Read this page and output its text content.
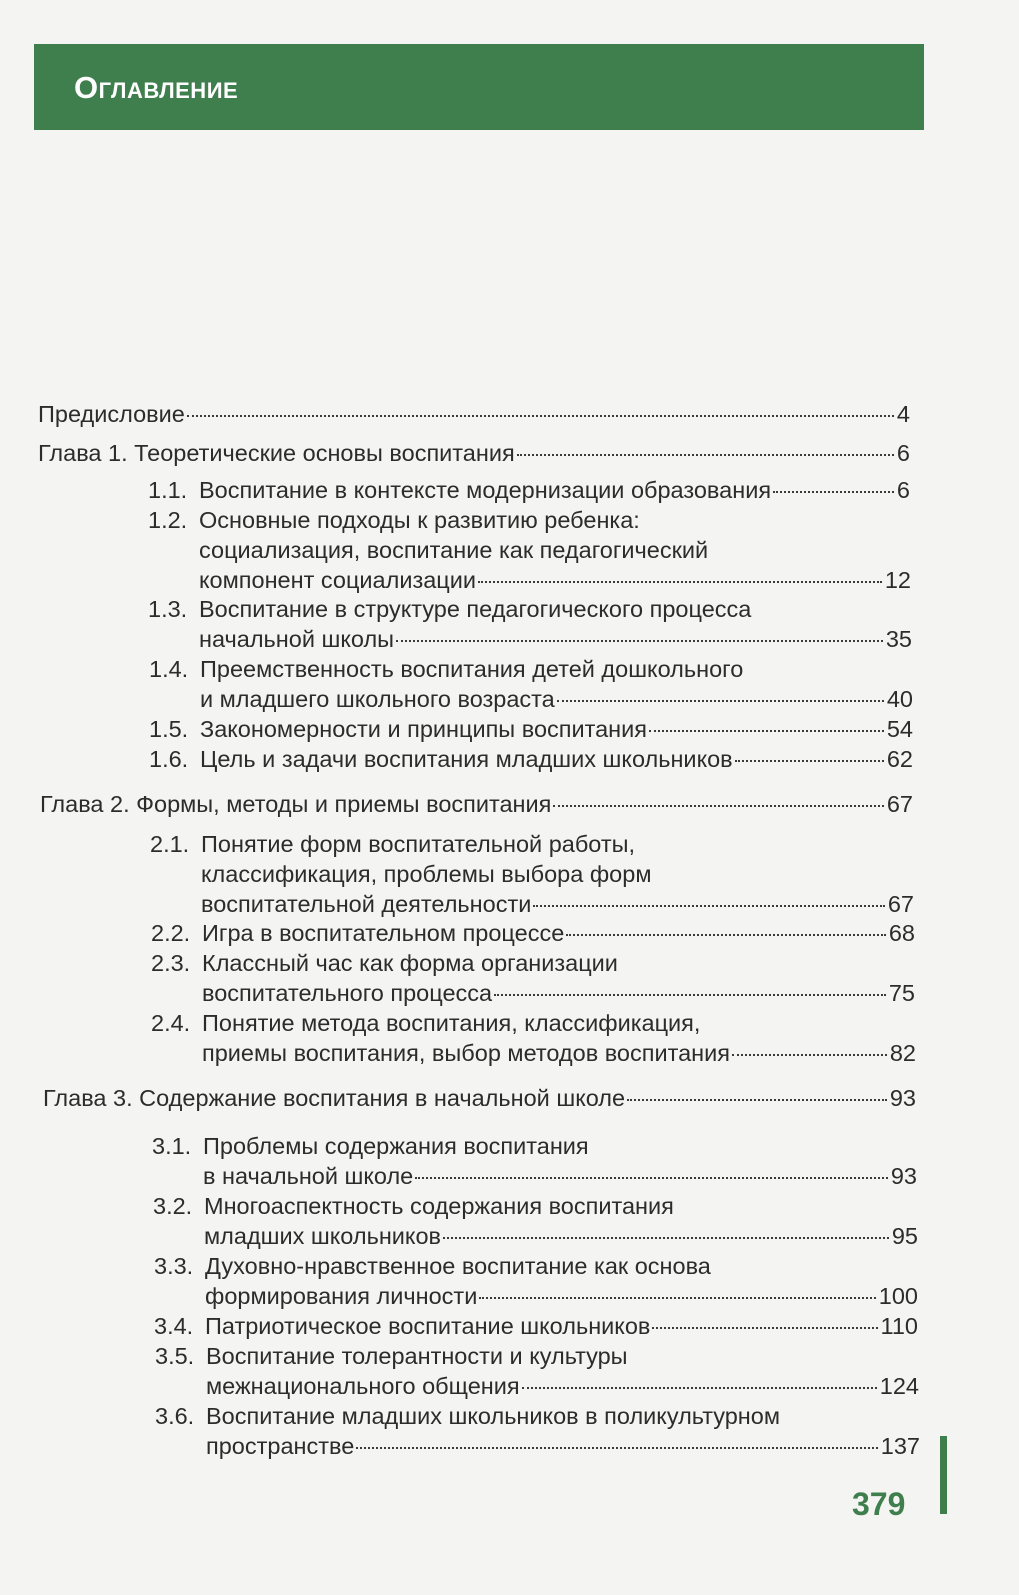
Оглавление
Предисловие	4
Глава 1. Теоретические основы воспитания	6
1.1. Воспитание в контексте модернизации образования	6
1.2. Основные подходы к развитию ребенка:
социализация, воспитание как педагогический
компонент социализации	12
1.3. Воспитание в структуре педагогического процесса
начальной школы	35
1.4. Преемственность воспитания детей дошкольного
и младшего школьного возраста	40
1.5. Закономерности и принципы воспитания	54
1.6. Цель и задачи воспитания младших школьников	62
Глава 2. Формы, методы и приемы воспитания	67
2.1. Понятие форм воспитательной работы,
классификация, проблемы выбора форм
воспитательной деятельности	67
2.2. Игра в воспитательном процессе	68
2.3. Классный час как форма организации
воспитательного процесса	75
2.4. Понятие метода воспитания, классификация,
приемы воспитания, выбор методов воспитания	82
Глава 3. Содержание воспитания в начальной школе	93
3.1. Проблемы содержания воспитания
в начальной школе	93
3.2. Многоаспектность содержания воспитания
младших школьников	95
3.3. Духовно-нравственное воспитание как основа
формирования личности	100
3.4. Патриотическое воспитание школьников	110
3.5. Воспитание толерантности и культуры
межнационального общения	124
3.6. Воспитание младших школьников в поликультурном
пространстве	137
379
